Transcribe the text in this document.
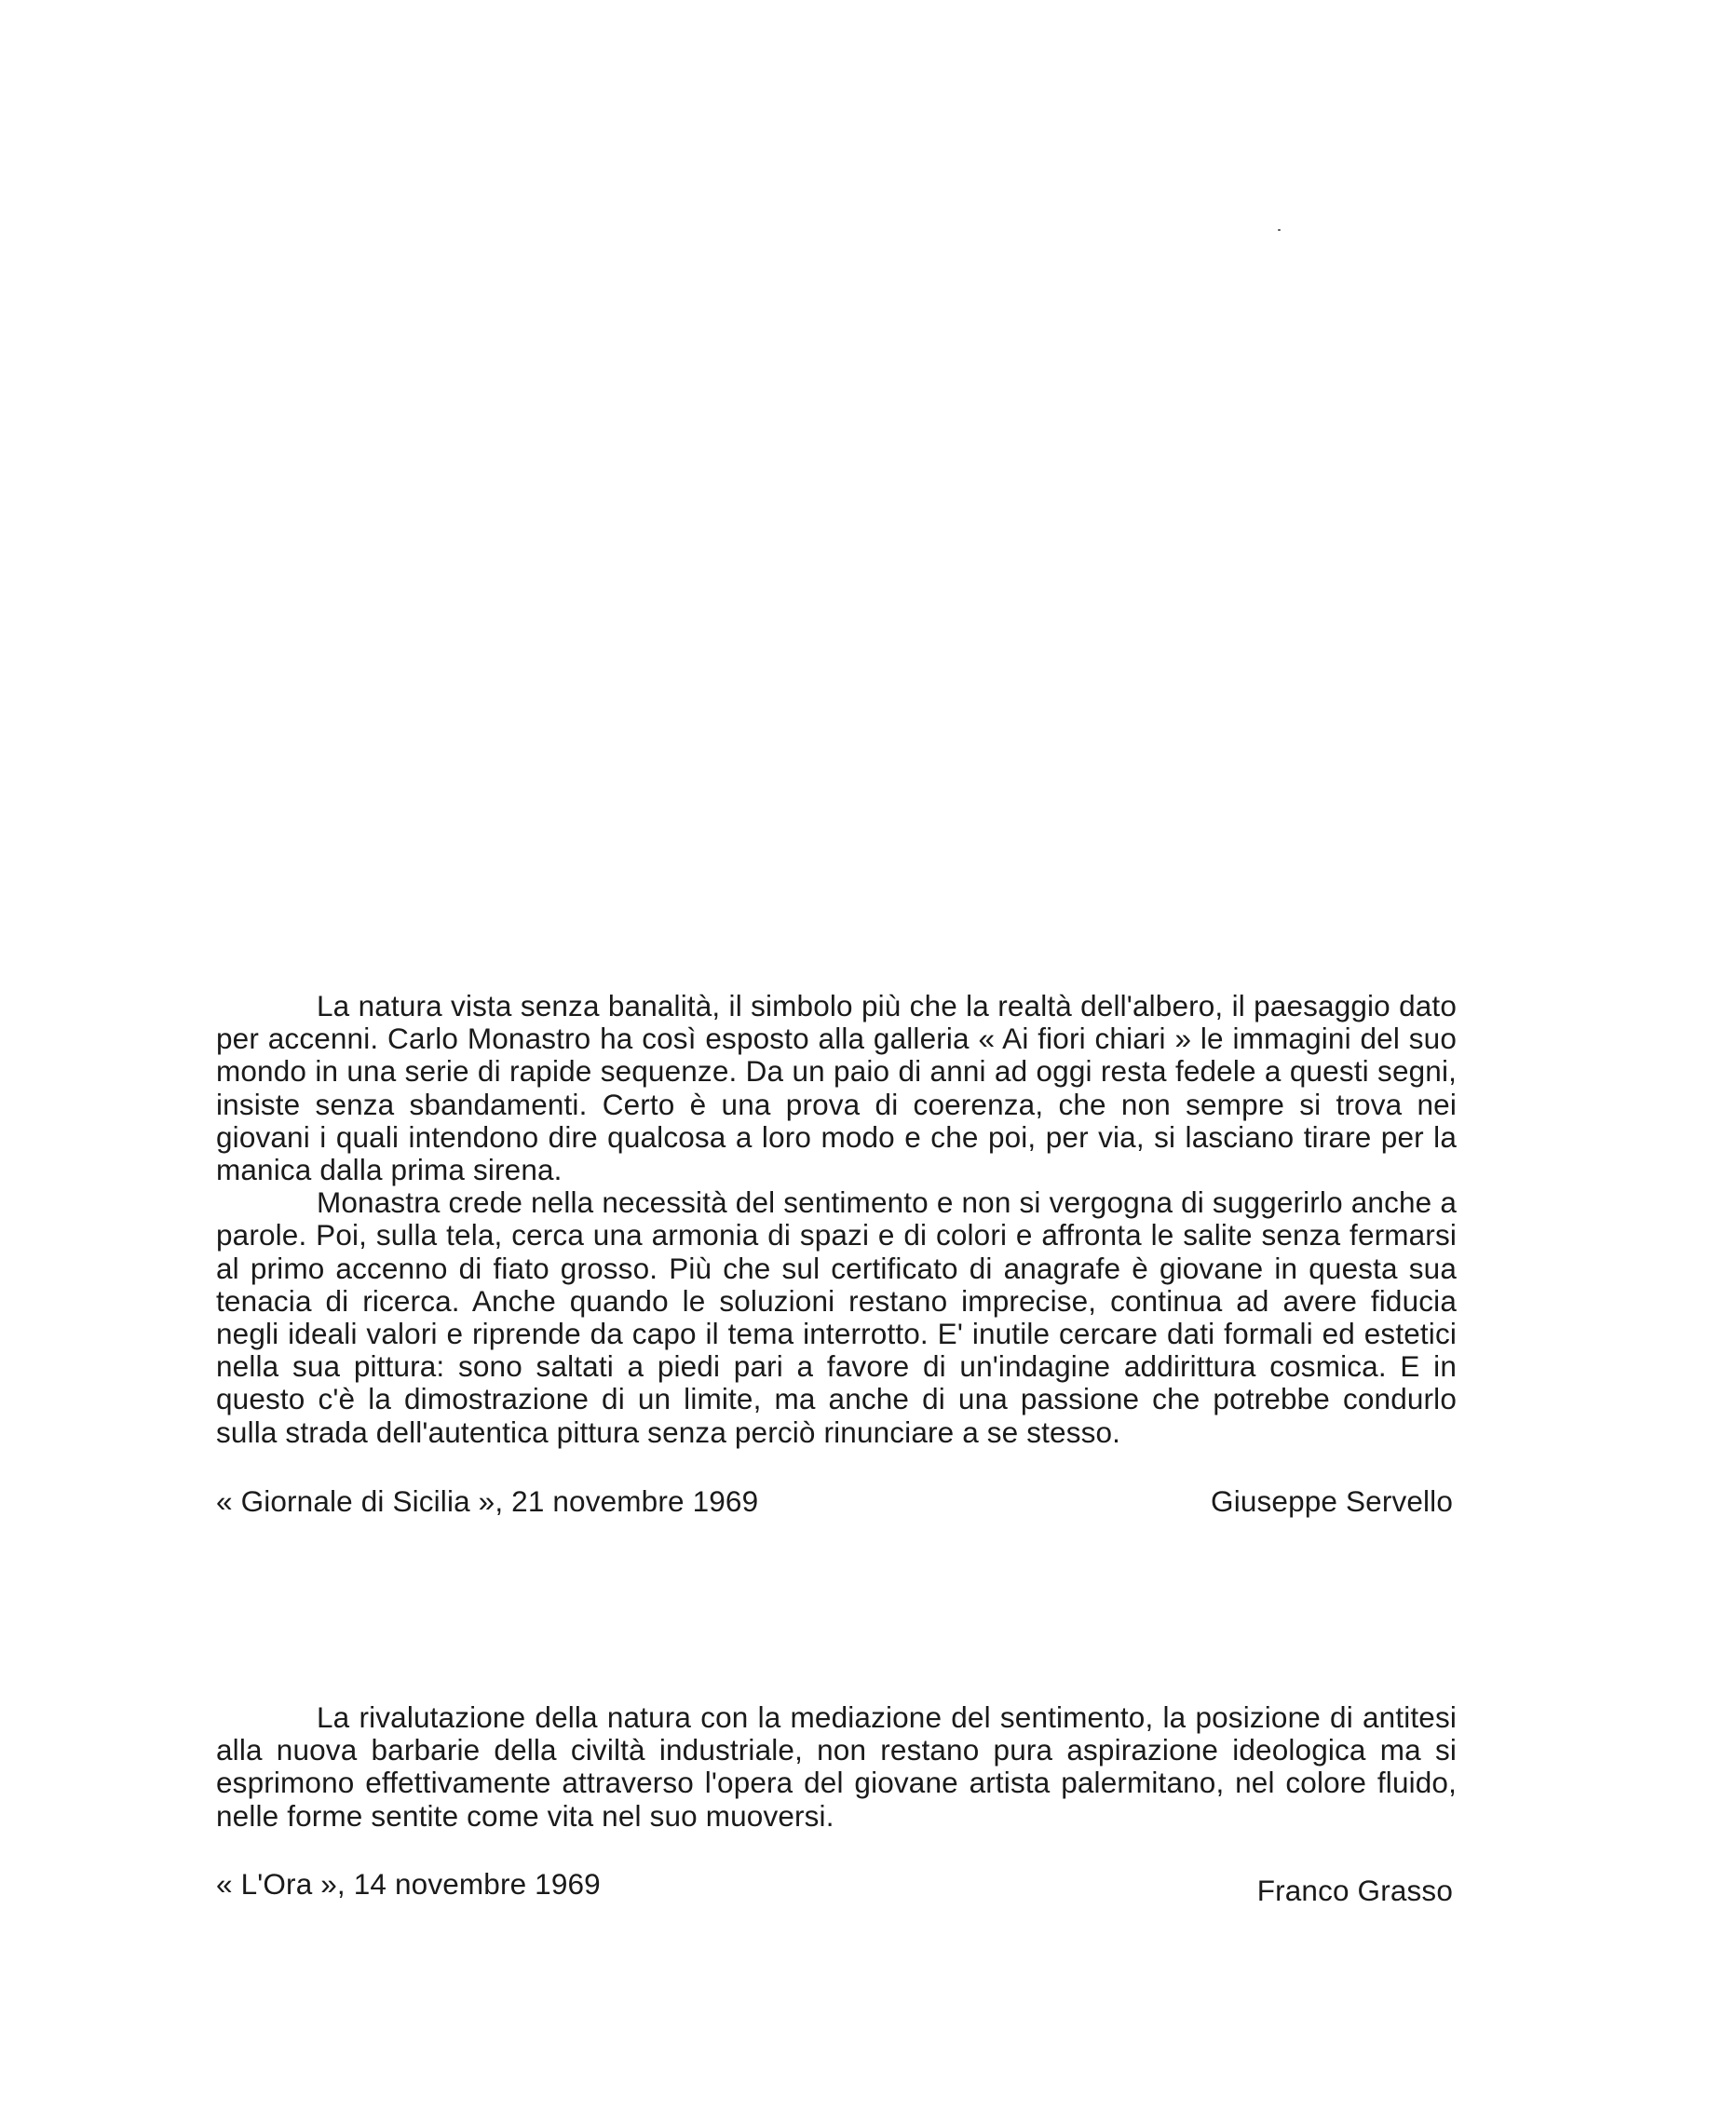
La natura vista senza banalità, il simbolo più che la realtà dell'albero, il paesaggio dato per accenni. Carlo Monastro ha così esposto alla galleria « Ai fiori chiari » le immagini del suo mondo in una serie di rapide sequenze. Da un paio di anni ad oggi resta fedele a questi segni, insiste senza sbandamenti. Certo è una prova di coerenza, che non sempre si trova nei giovani i quali intendono dire qualcosa a loro modo e che poi, per via, si lasciano tirare per la manica dalla prima sirena.

Monastra crede nella necessità del sentimento e non si vergogna di suggerirlo anche a parole. Poi, sulla tela, cerca una armonia di spazi e di colori e affronta le salite senza fermarsi al primo accenno di fiato grosso. Più che sul certificato di anagrafe è giovane in questa sua tenacia di ricerca. Anche quando le soluzioni restano imprecise, continua ad avere fiducia negli ideali valori e riprende da capo il tema interrotto. E' inutile cercare dati formali ed estetici nella sua pittura: sono saltati a piedi pari a favore di un'indagine addirittura cosmica. E in questo c'è la dimostrazione di un limite, ma anche di una passione che potrebbe condurlo sulla strada dell'autentica pittura senza perciò rinunciare a se stesso.

« Giornale di Sicilia », 21 novembre 1969	Giuseppe Servello

La rivalutazione della natura con la mediazione del sentimento, la posizione di antitesi alla nuova barbarie della civiltà industriale, non restano pura aspirazione ideologica ma si esprimono effettivamente attraverso l'opera del giovane artista palermitano, nel colore fluido, nelle forme sentite come vita nel suo muoversi.

« L'Ora », 14 novembre 1969	Franco Grasso
